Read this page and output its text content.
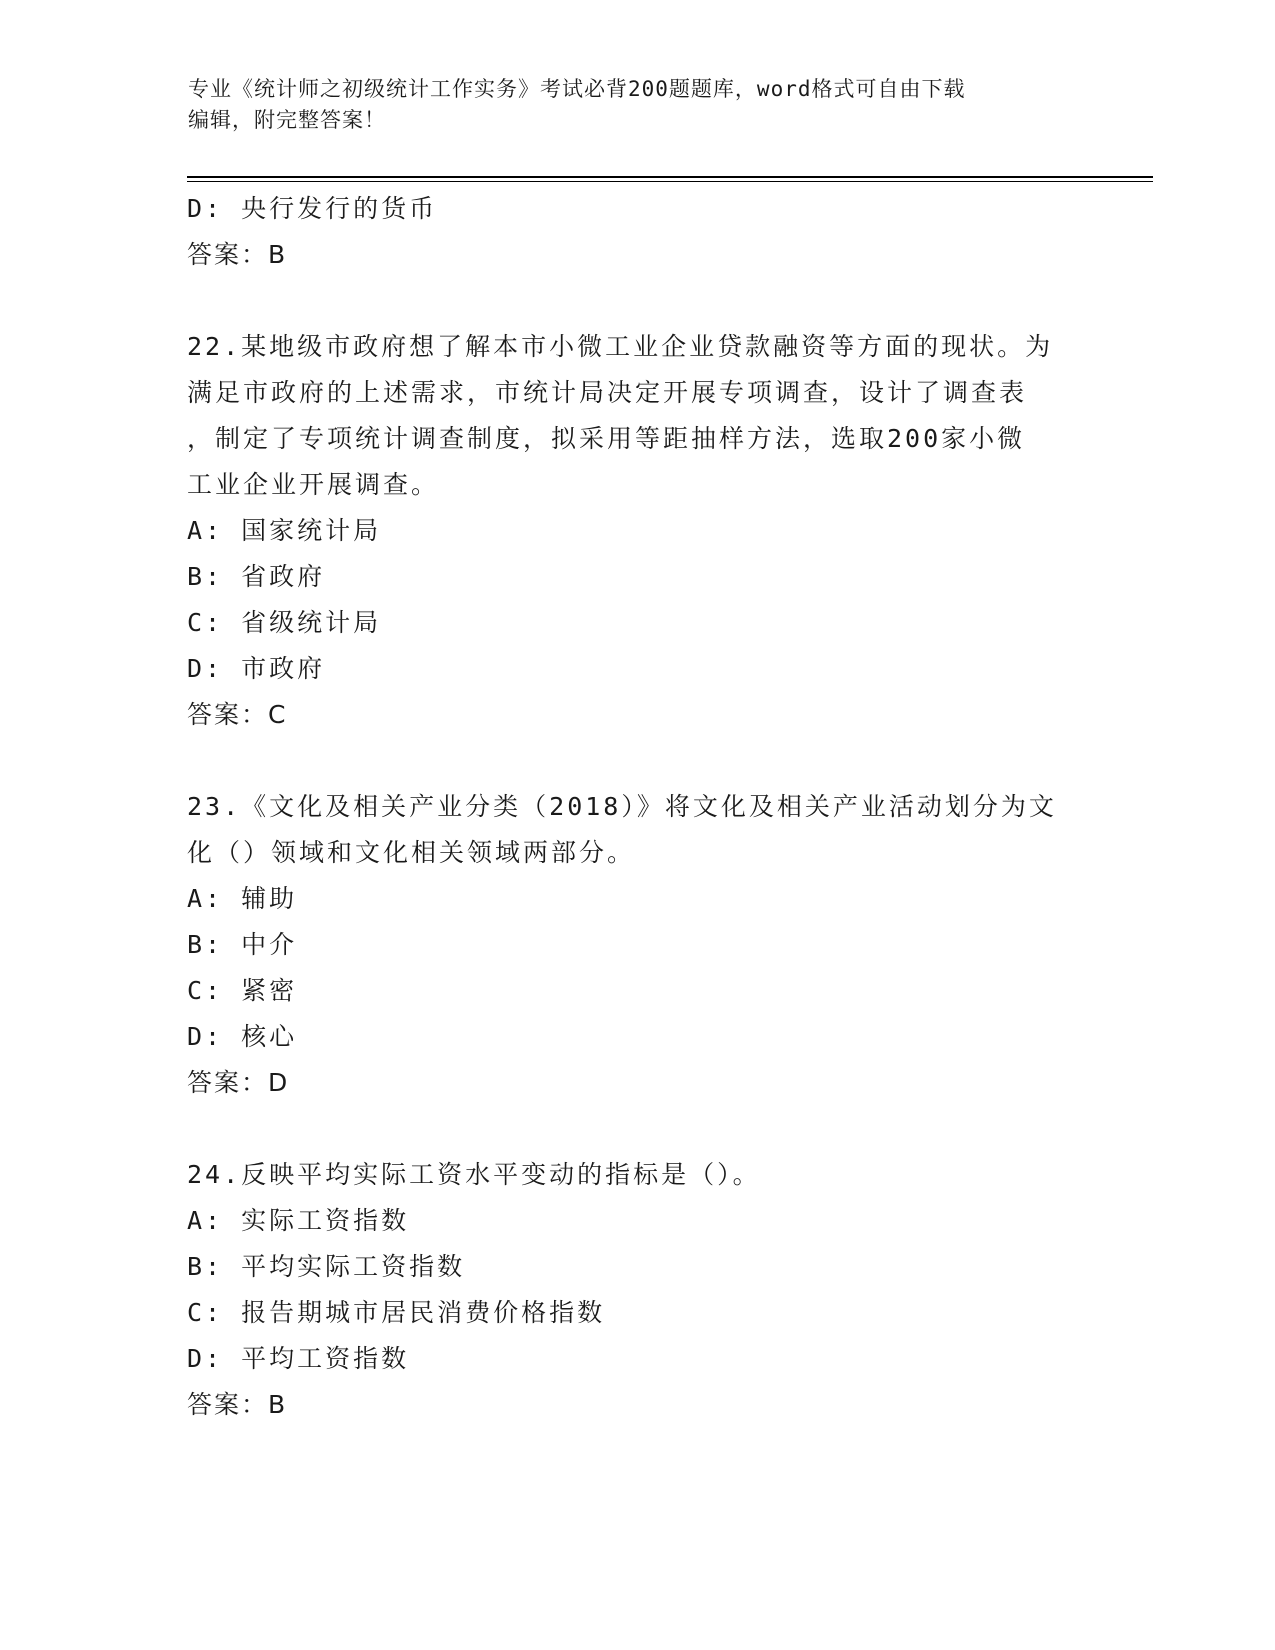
专业《统计师之初级统计工作实务》考试必背200题题库，word格式可自由下载
编辑，附完整答案！
D: 央行发行的货币
答案：B
22.某地级市政府想了解本市小微工业企业贷款融资等方面的现状。为
满足市政府的上述需求，市统计局决定开展专项调查，设计了调查表
，制定了专项统计调查制度，拟采用等距抽样方法，选取200家小微
工业企业开展调查。
A: 国家统计局
B: 省政府
C: 省级统计局
D: 市政府
答案：C
23.《文化及相关产业分类（2018）》将文化及相关产业活动划分为文
化（）领域和文化相关领域两部分。
A: 辅助
B: 中介
C: 紧密
D: 核心
答案：D
24.反映平均实际工资水平变动的指标是（）。
A: 实际工资指数
B: 平均实际工资指数
C: 报告期城市居民消费价格指数
D: 平均工资指数
答案：B
